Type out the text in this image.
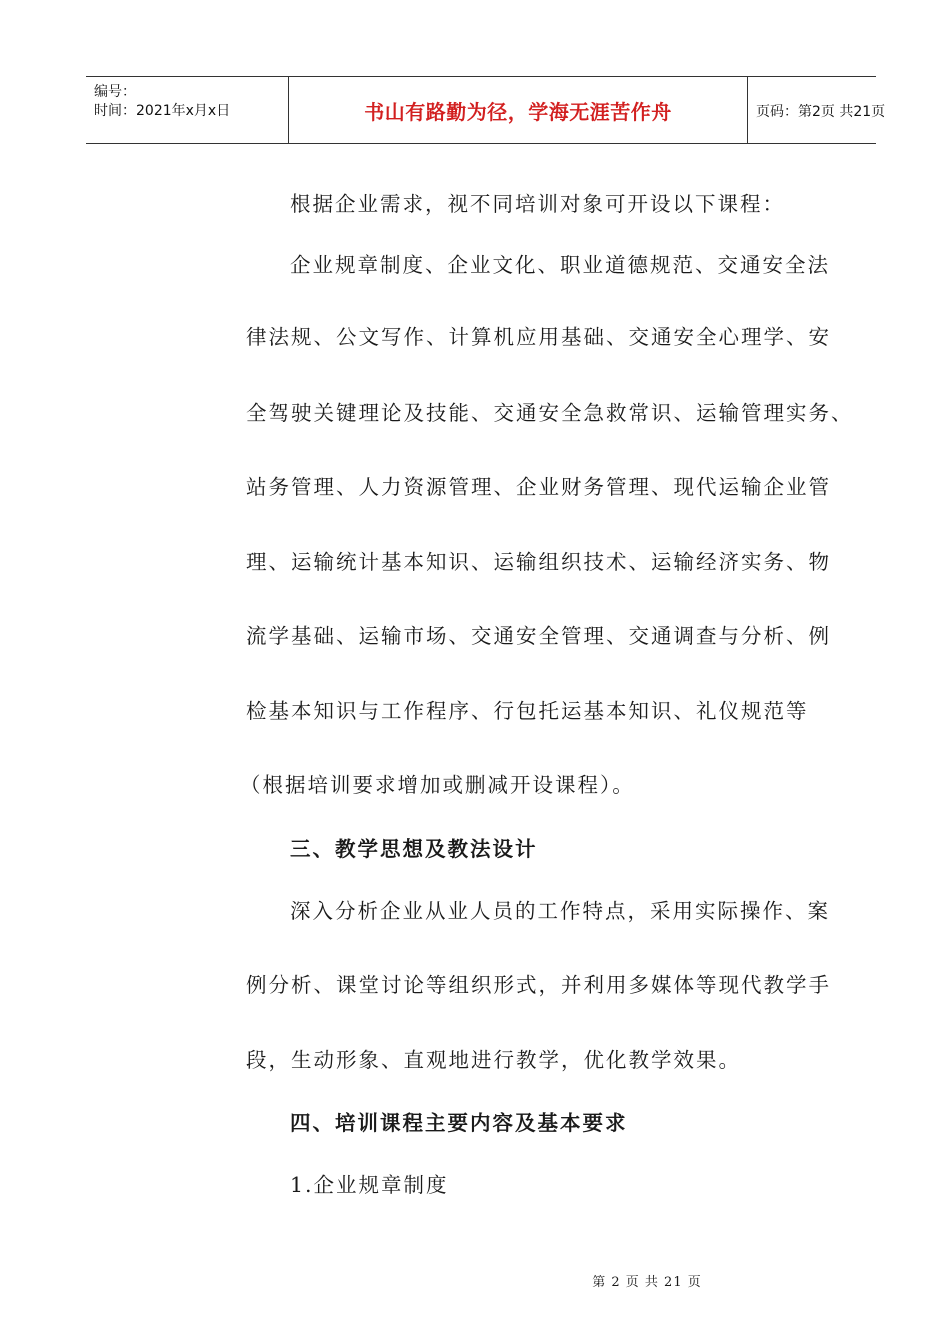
编号：
时间：2021年x月x日	书山有路勤为径，学海无涯苦作舟	页码：第2页 共21页
根据企业需求，视不同培训对象可开设以下课程：
企业规章制度、企业文化、职业道德规范、交通安全法
律法规、公文写作、计算机应用基础、交通安全心理学、安
全驾驶关键理论及技能、交通安全急救常识、运输管理实务、
站务管理、人力资源管理、企业财务管理、现代运输企业管
理、运输统计基本知识、运输组织技术、运输经济实务、物
流学基础、运输市场、交通安全管理、交通调查与分析、例
检基本知识与工作程序、行包托运基本知识、礼仪规范等
（根据培训要求增加或删减开设课程）。
三、教学思想及教法设计
深入分析企业从业人员的工作特点，采用实际操作、案
例分析、课堂讨论等组织形式，并利用多媒体等现代教学手
段，生动形象、直观地进行教学，优化教学效果。
四、培训课程主要内容及基本要求
1.企业规章制度
第 2 页 共 21 页
